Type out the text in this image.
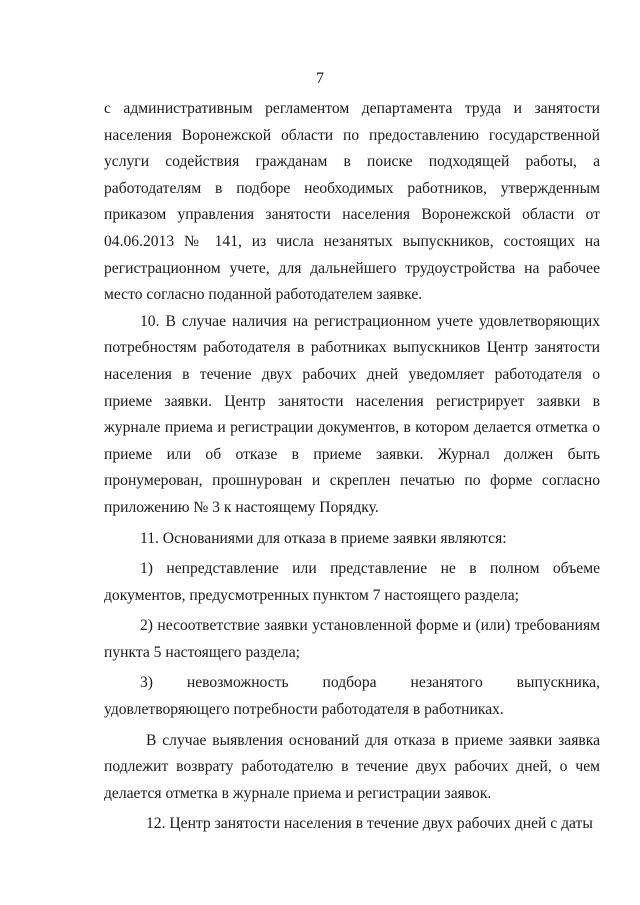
7

с административным регламентом департамента труда и занятости населения Воронежской области по предоставлению государственной услуги содействия гражданам в поиске подходящей работы, а работодателям в подборе необходимых работников, утвержденным приказом управления занятости населения Воронежской области от 04.06.2013 № 141, из числа незанятых выпускников, состоящих на регистрационном учете, для дальнейшего трудоустройства на рабочее место согласно поданной работодателем заявке.

10. В случае наличия на регистрационном учете удовлетворяющих потребностям работодателя в работниках выпускников Центр занятости населения в течение двух рабочих дней уведомляет работодателя о приеме заявки. Центр занятости населения регистрирует заявки в журнале приема и регистрации документов, в котором делается отметка о приеме или об отказе в приеме заявки. Журнал должен быть пронумерован, прошнурован и скреплен печатью по форме согласно приложению № 3 к настоящему Порядку.

11. Основаниями для отказа в приеме заявки являются:

1) непредставление или представление не в полном объеме документов, предусмотренных пунктом 7 настоящего раздела;

2) несоответствие заявки установленной форме и (или) требованиям пункта 5 настоящего раздела;

3) невозможность подбора незанятого выпускника, удовлетворяющего потребности работодателя в работниках.

В случае выявления оснований для отказа в приеме заявки заявка подлежит возврату работодателю в течение двух рабочих дней, о чем делается отметка в журнале приема и регистрации заявок.

12. Центр занятости населения в течение двух рабочих дней с даты
